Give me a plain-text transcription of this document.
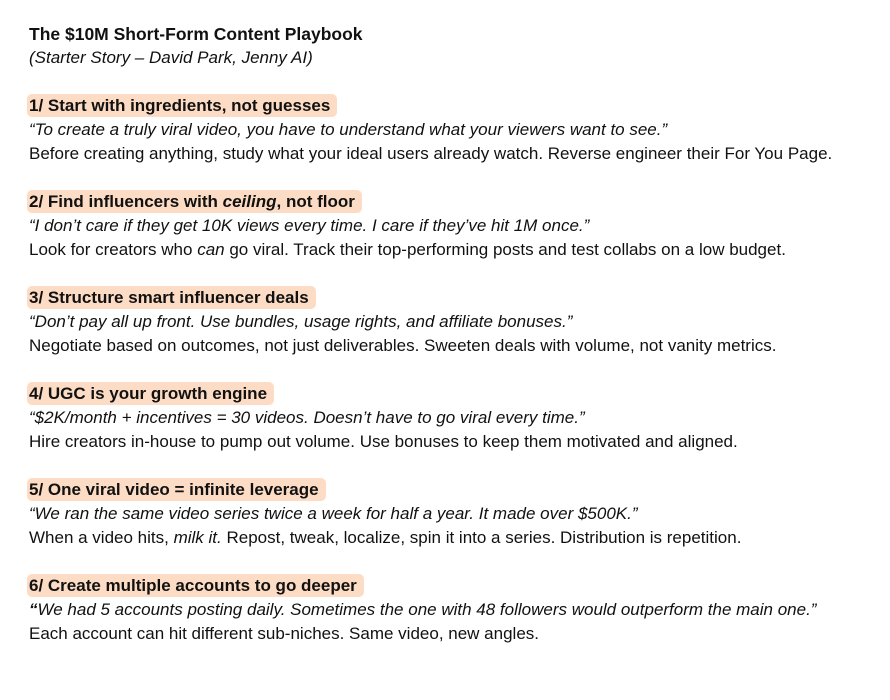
The $10M Short-Form Content Playbook
(Starter Story – David Park, Jenny AI)
1/ Start with ingredients, not guesses
“To create a truly viral video, you have to understand what your viewers want to see.”
Before creating anything, study what your ideal users already watch. Reverse engineer their For You Page.
2/ Find influencers with ceiling, not floor
“I don’t care if they get 10K views every time. I care if they’ve hit 1M once.”
Look for creators who can go viral. Track their top-performing posts and test collabs on a low budget.
3/ Structure smart influencer deals
“Don’t pay all up front. Use bundles, usage rights, and affiliate bonuses.”
Negotiate based on outcomes, not just deliverables. Sweeten deals with volume, not vanity metrics.
4/ UGC is your growth engine
“$2K/month + incentives = 30 videos. Doesn’t have to go viral every time.”
Hire creators in-house to pump out volume. Use bonuses to keep them motivated and aligned.
5/ One viral video = infinite leverage
“We ran the same video series twice a week for half a year. It made over $500K.”
When a video hits, milk it. Repost, tweak, localize, spin it into a series. Distribution is repetition.
6/ Create multiple accounts to go deeper
“We had 5 accounts posting daily. Sometimes the one with 48 followers would outperform the main one.”
Each account can hit different sub-niches. Same video, new angles.
